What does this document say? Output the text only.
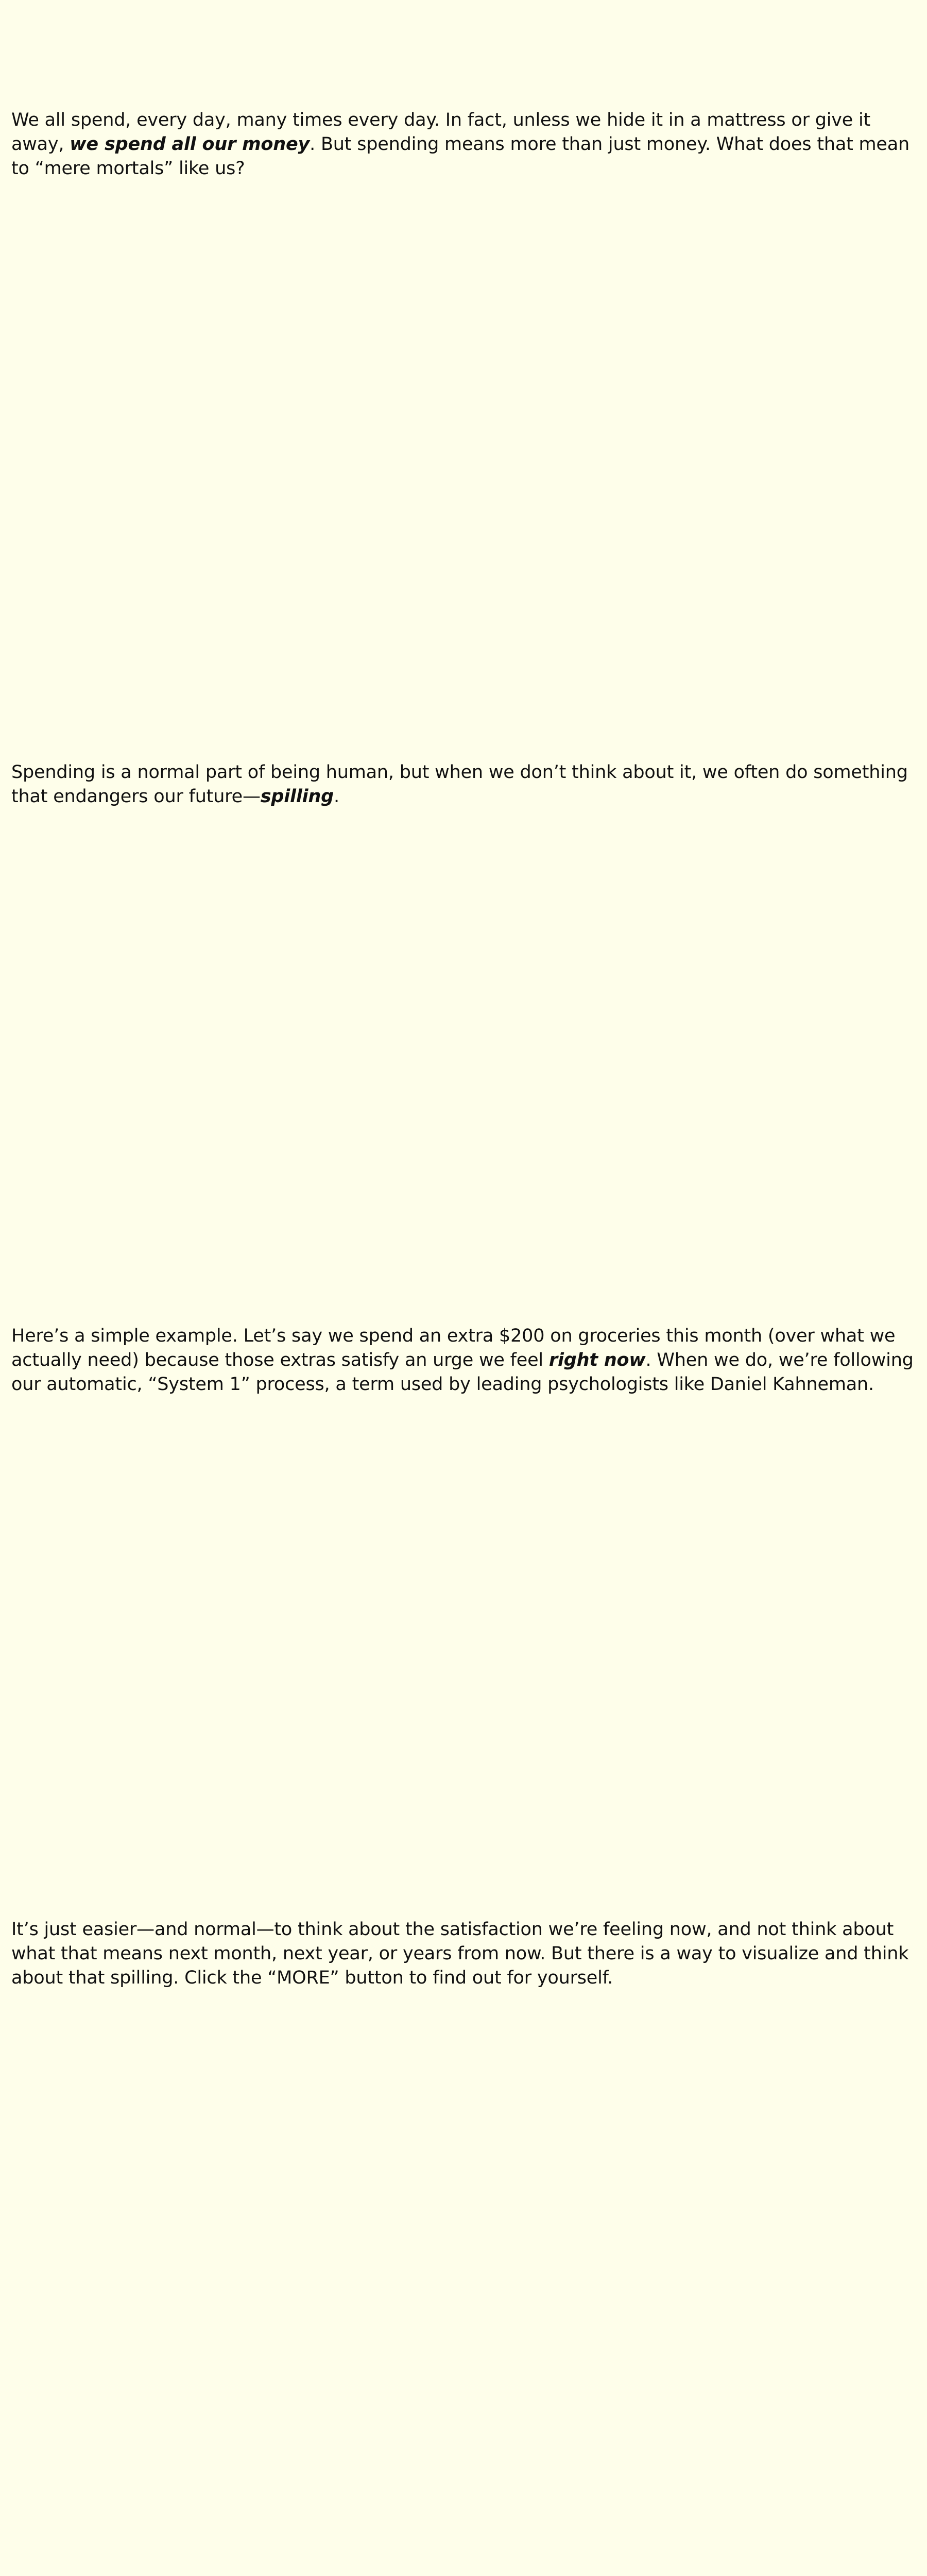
We all spend, every day, many times every day. In fact, unless we hide it in a mattress or give it away, we spend all our money. But spending means more than just money. What does that mean to “mere mortals” like us?

Spending is a normal part of being human, but when we don’t think about it, we often do something that endangers our future—spilling.

Here’s a simple example. Let’s say we spend an extra $200 on groceries this month (over what we actually need) because those extras satisfy an urge we feel right now. When we do, we’re following our automatic, “System 1” process, a term used by leading psychologists like Daniel Kahneman.

It’s just easier—and normal—to think about the satisfaction we’re feeling now, and not think about what that means next month, next year, or years from now. But there is a way to visualize and think about that spilling. Click the “MORE” button to find out for yourself.
